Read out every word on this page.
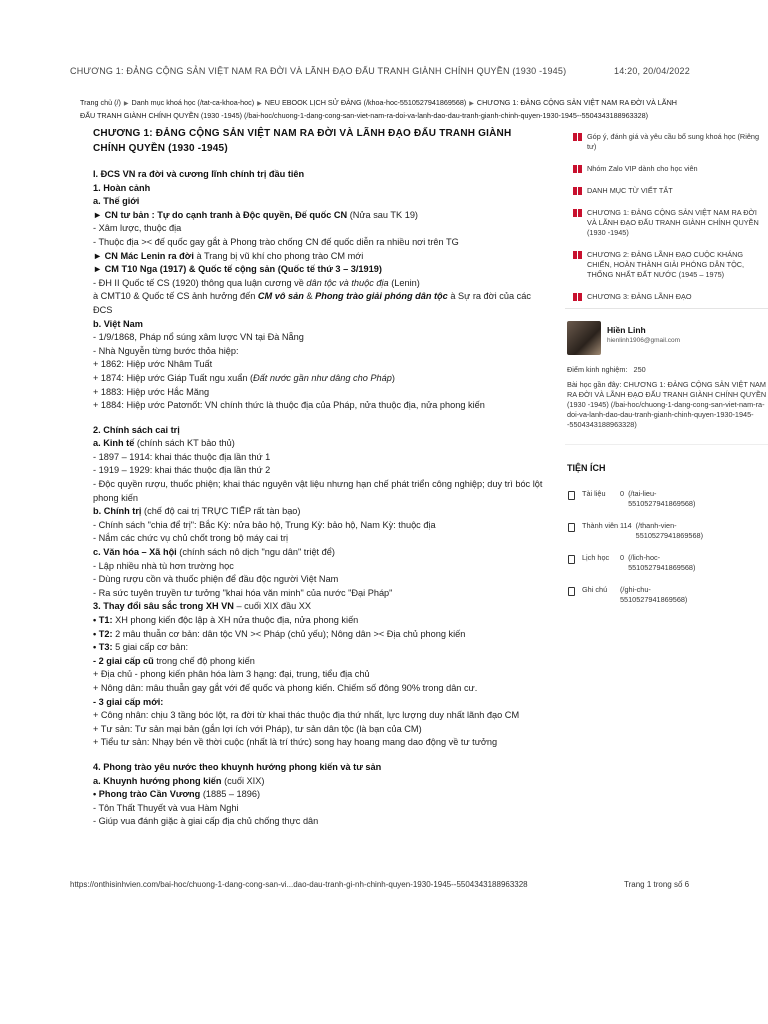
CHƯƠNG 1: ĐẢNG CỘNG SẢN VIỆT NAM RA ĐỜI VÀ LÃNH ĐẠO ĐẤU TRANH GIÀNH CHÍNH QUYỀN (1930 -1945)	14:20, 20/04/2022
Trang chủ (/) ▶ Danh mục khoá học (/tat-ca-khoa-hoc) ▶ NEU EBOOK LỊCH SỬ ĐẢNG (/khoa-hoc-5510527941869568) ▶ CHƯƠNG 1: ĐẢNG CỘNG SẢN VIỆT NAM RA ĐỜI VÀ LÃNH
ĐẤU TRANH GIÀNH CHÍNH QUYỀN (1930 -1945) (/bai-hoc/chuong-1-dang-cong-san-viet-nam-ra-doi-va-lanh-dao-dau-tranh-gianh-chinh-quyen-1930-1945--5504343188963328)
CHƯƠNG 1: ĐẢNG CỘNG SẢN VIỆT NAM RA ĐỜI VÀ LÃNH ĐẠO ĐẤU TRANH GIÀNH CHÍNH QUYỀN (1930 -1945)

I. ĐCS VN ra đời và cương lĩnh chính trị đầu tiên

1. Hoàn cảnh

a. Thế giới

► CN tư bản : Tự do cạnh tranh à Độc quyền, Đế quốc CN (Nửa sau TK 19)

- Xâm lược, thuộc địa

- Thuộc địa >< đế quốc gay gắt à Phong trào chống CN đế quốc diễn ra nhiều nơi trên TG

► CN Mác Lenin ra đời à Trang bị vũ khí cho phong trào CM mới

► CM T10 Nga (1917) & Quốc tế cộng sản (Quốc tế thứ 3 – 3/1919)

- ĐH II Quốc tế CS (1920) thông qua luận cương về dân tộc và thuộc địa (Lenin)

à CMT10 & Quốc tế CS ảnh hưởng đến CM vô sản & Phong trào giải phóng dân tộc à Sự ra đời của các ĐCS

b. Việt Nam

- 1/9/1868, Pháp nổ súng xâm lược VN tại Đà Nẵng

- Nhà Nguyễn từng bước thỏa hiệp:

+ 1862: Hiệp ước Nhâm Tuất

+ 1874: Hiệp ước Giáp Tuất ngu xuẩn (Đất nước gần như dâng cho Pháp)

+ 1883: Hiệp ước Hắc Măng

+ 1884: Hiệp ước Patơnốt: VN chính thức là thuộc địa của Pháp, nửa thuộc địa, nửa phong kiến

2. Chính sách cai trị

a. Kinh tế (chính sách KT bảo thủ)

- 1897 – 1914: khai thác thuộc địa lần thứ 1

- 1919 – 1929: khai thác thuộc địa lần thứ 2

- Độc quyền rượu, thuốc phiện; khai thác nguyên vật liệu nhưng hạn chế phát triển công nghiệp; duy trì bóc lột phong kiến

b. Chính trị (chế độ cai trị TRỰC TIẾP rất tàn bạo)

- Chính sách "chia để trị": Bắc Kỳ: nửa bảo hộ, Trung Kỳ: bảo hộ, Nam Kỳ: thuộc địa

- Nắm các chức vụ chủ chốt trong bộ máy cai trị

c. Văn hóa – Xã hội (chính sách nô dịch "ngu dân" triệt để)

- Lập nhiều nhà tù hơn trường học

- Dùng rượu cồn và thuốc phiện để đầu độc người Việt Nam

- Ra sức tuyên truyền tư tưởng "khai hóa văn minh" của nước "Đại Pháp"

3. Thay đổi sâu sắc trong XH VN – cuối XIX đầu XX

• T1: XH phong kiến độc lập à XH nửa thuộc địa, nửa phong kiến

• T2: 2 mâu thuẫn cơ bản: dân tộc VN >< Pháp (chủ yếu); Nông dân >< Địa chủ phong kiến

• T3: 5 giai cấp cơ bản:

- 2 giai cấp cũ trong chế độ phong kiến

+ Địa chủ - phong kiến phân hóa làm 3 hạng: đại, trung, tiểu địa chủ

+ Nông dân: mâu thuẫn gay gắt với đế quốc và phong kiến. Chiếm số đông 90% trong dân cư.

- 3 giai cấp mới:

+ Công nhân: chịu 3 tầng bóc lột, ra đời từ khai thác thuộc địa thứ nhất, lực lượng duy nhất lãnh đạo CM

+ Tư sản: Tư sản mại bản (gắn lợi ích với Pháp), tư sản dân tộc (là bạn của CM)

+ Tiểu tư sản: Nhạy bén về thời cuộc (nhất là trí thức) song hay hoang mang dao động về tư tưởng

4. Phong trào yêu nước theo khuynh hướng phong kiến và tư sản

a. Khuynh hướng phong kiến (cuối XIX)

• Phong trào Cần Vương (1885 – 1896)

- Tôn Thất Thuyết và vua Hàm Nghi

- Giúp vua đánh giặc à giai cấp địa chủ chống thực dân

Góp ý, đánh giá và yêu cầu bổ sung khoá học (Riêng tư)
Nhóm Zalo VIP dành cho học viên
DANH MỤC TỪ VIẾT TẮT
CHƯƠNG 1: ĐẢNG CỘNG SẢN VIỆT NAM RA ĐỜI VÀ LÃNH ĐẠO ĐẤU TRANH GIÀNH CHÍNH QUYỀN (1930 -1945)
CHƯƠNG 2: ĐẢNG LÃNH ĐẠO CUỘC KHÁNG CHIẾN, HOÀN THÀNH GIẢI PHÓNG DÂN TỘC, THỐNG NHẤT ĐẤT NƯỚC (1945 – 1975)
CHƯƠNG 3: ĐẢNG LÃNH ĐẠO
Hiền Linh
hienlinh1906@gmail.com
Điểm kinh nghiệm: 250
Bài học gần đây: CHƯƠNG 1: ĐẢNG CỘNG SẢN VIỆT NAM RA ĐỜI VÀ LÃNH ĐẠO ĐẤU TRANH GIÀNH CHÍNH QUYỀN (1930 -1945) (/bai-hoc/chuong-1-dang-cong-san-viet-nam-ra-doi-va-lanh-dao-dau-tranh-gianh-chinh-quyen-1930-1945--5504343188963328)
TIỆN ÍCH
Tài liệu	0 (/tai-lieu-5510527941869568)
Thành viên 114 (/thanh-vien-5510527941869568)
Lịch học	0 (/lich-hoc-5510527941869568)
Ghi chú	(/ghi-chu-5510527941869568)
https://onthisinhvien.com/bai-hoc/chuong-1-dang-cong-san-vi...dao-dau-tranh-gi-nh-chinh-quyen-1930-1945--5504343188963328	Trang 1 trong số 6
